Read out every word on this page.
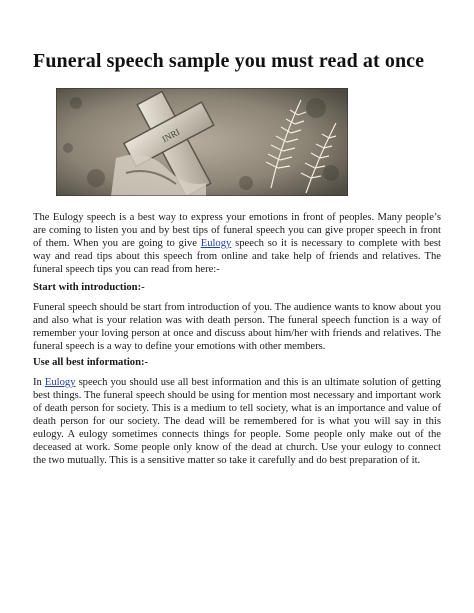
Funeral speech sample you must read at once
INRI

The Eulogy speech is a best way to express your emotions in front of peoples. Many people’s are coming to listen you and by best tips of funeral speech you can give proper speech in front of them. When you are going to give Eulogy speech so it is necessary to complete with best way and read tips about this speech from online and take help of friends and relatives. The funeral speech tips you can read from here:-

Start with introduction:-

Funeral speech should be start from introduction of you. The audience wants to know about you and also what is your relation was with death person. The funeral speech function is a way of remember your loving person at once and discuss about him/her with friends and relatives. The funeral speech is a way to define your emotions with other members.

Use all best information:-

In Eulogy speech you should use all best information and this is an ultimate solution of getting best things. The funeral speech should be using for mention most necessary and important work of death person for society. This is a medium to tell society, what is an importance and value of death person for our society. The dead will be remembered for is what you will say in this eulogy. A eulogy sometimes connects things for people. Some people only make out of the deceased at work. Some people only know of the dead at church. Use your eulogy to connect the two mutually. This is a sensitive matter so take it carefully and do best preparation of it.
